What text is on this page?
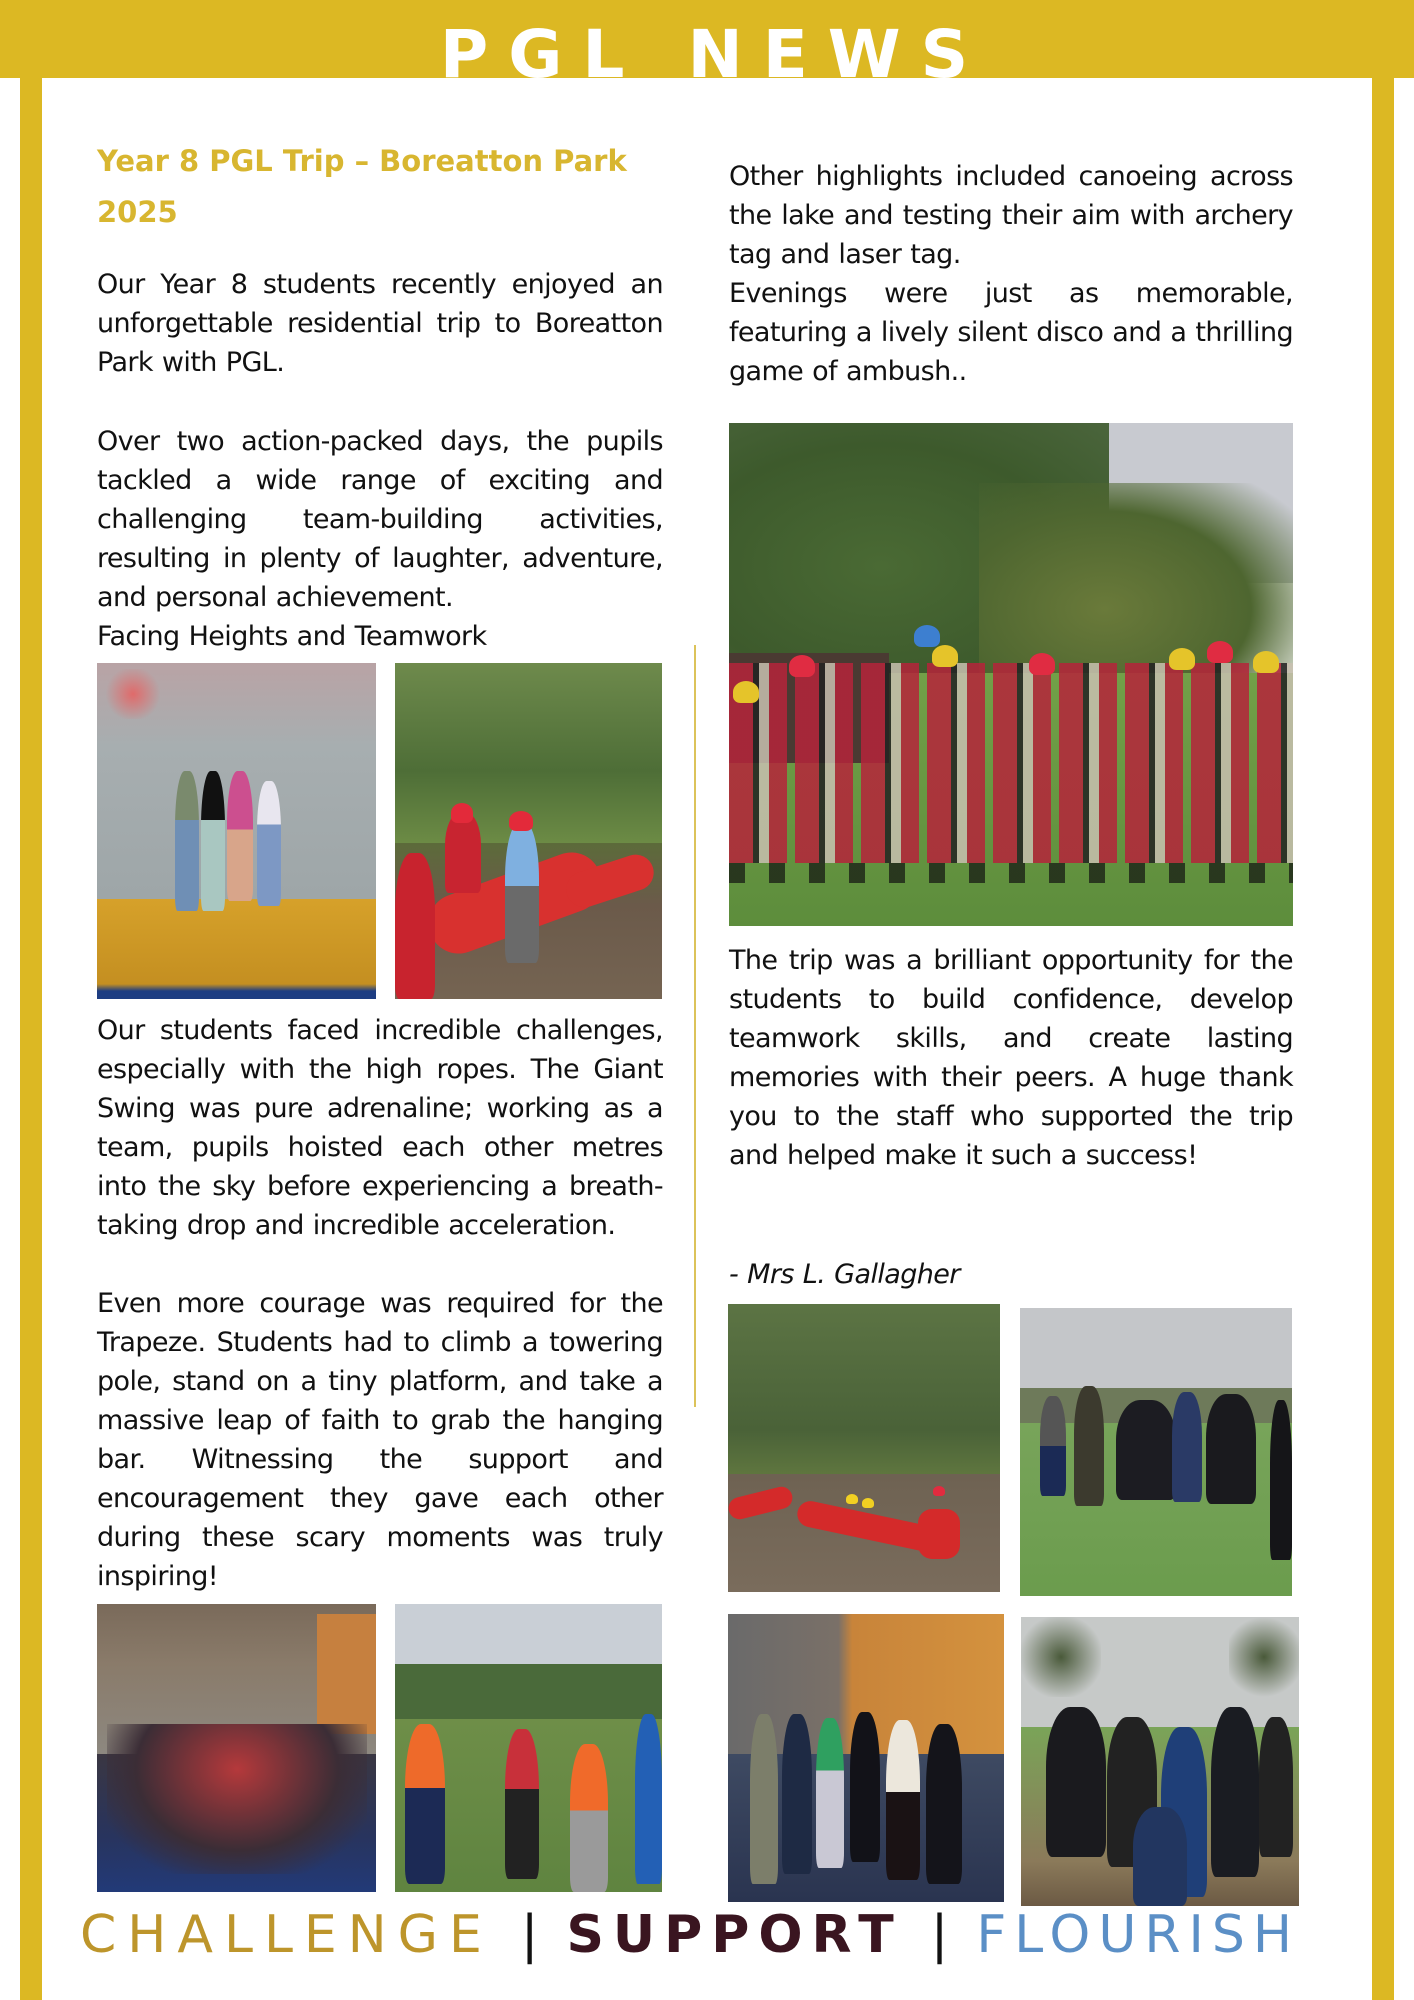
PGL NEWS
Year 8 PGL Trip – Boreatton Park
2025
Our Year 8 students recently enjoyed an unforgettable residential trip to Boreatton Park with PGL.
Over two action-packed days, the pupils tackled a wide range of exciting and challenging team-building activities, resulting in plenty of laughter, adventure, and personal achievement.
Facing Heights and Teamwork
Our students faced incredible challenges, especially with the high ropes. The Giant Swing was pure adrenaline; working as a team, pupils hoisted each other metres into the sky before experiencing a breath-taking drop and incredible acceleration.
Even more courage was required for the Trapeze. Students had to climb a towering pole, stand on a tiny platform, and take a massive leap of faith to grab the hanging bar. Witnessing the support and encouragement they gave each other during these scary moments was truly inspiring!
Other highlights included canoeing across the lake and testing their aim with archery tag and laser tag.
Evenings were just as memorable, featuring a lively silent disco and a thrilling game of ambush..
The trip was a brilliant opportunity for the students to build confidence, develop teamwork skills, and create lasting memories with their peers. A huge thank you to the staff who supported the trip and helped make it such a success!
- Mrs L. Gallagher
CHALLENGE | SUPPORT | FLOURISH
